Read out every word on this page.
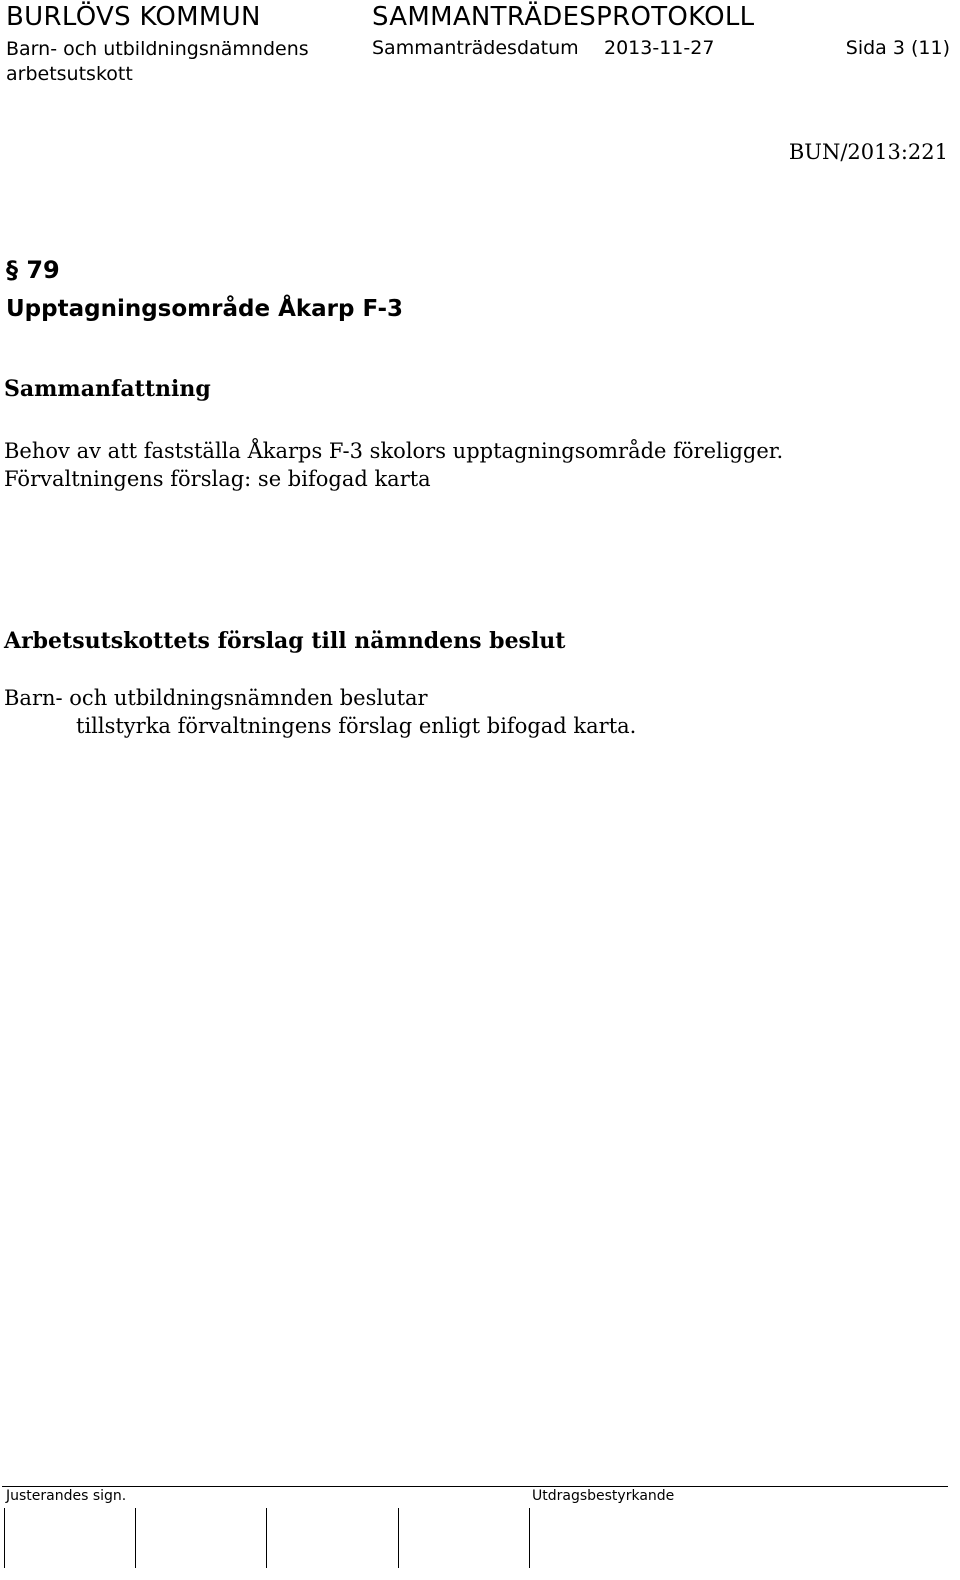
BURLÖVS KOMMUN	SAMMANTRÄDESPROTOKOLL
Barn- och utbildningsnämndens arbetsutskott
Sammanträdesdatum 2013-11-27	Sida 3 (11)
BUN/2013:221
§ 79
Upptagningsområde Åkarp F-3
Sammanfattning
Behov av att fastställa Åkarps F-3 skolors upptagningsområde föreligger.
Förvaltningens förslag: se bifogad karta
Arbetsutskottets förslag till nämndens beslut
Barn- och utbildningsnämnden beslutar
tillstyrka förvaltningens förslag enligt bifogad karta.
Justerandes sign.	Utdragsbestyrkande
